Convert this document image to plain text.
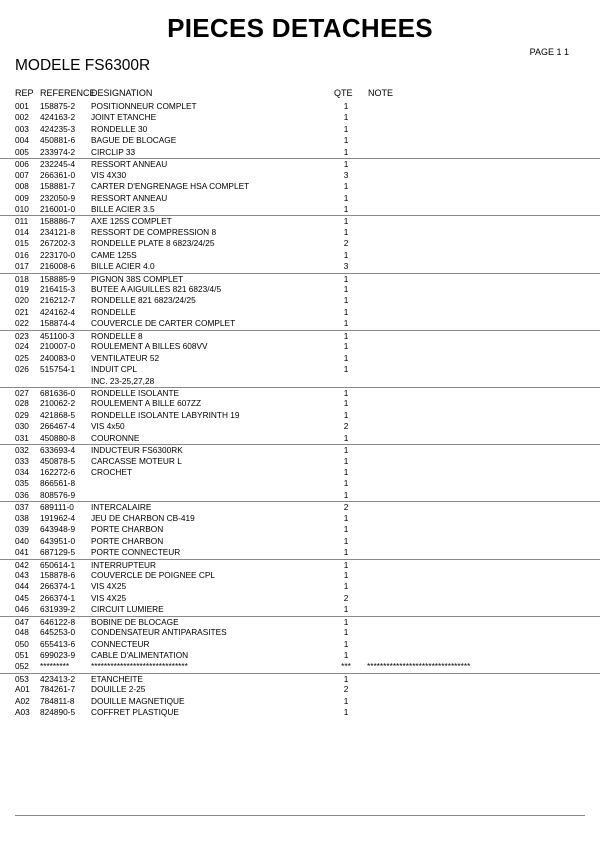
PIECES DETACHEES
PAGE 1 1
MODELE FS6300R
REP REFERENCE
DESIGNATION	QTE NOTE
001 158875-2 POSITIONNEUR COMPLET	1
002 424163-2 JOINT ETANCHE	1
003 424235-3 RONDELLE 30	1
004 450881-6 BAGUE DE BLOCAGE	1
005 233974-2 CIRCLIP 33	1
006 232245-4 RESSORT ANNEAU	1
007 266361-0 VIS 4X30	3
008 158881-7 CARTER D'ENGRENAGE HSA COMPLET	1
009 232050-9 RESSORT ANNEAU	1
010 216001-0 BILLE ACIER 3.5	1
011 158886-7 AXE 125S COMPLET	1
014 234121-8 RESSORT DE COMPRESSION 8	1
015 267202-3 RONDELLE PLATE 8 6823/24/25	2
016 223170-0 CAME 125S	1
017 216008-6 BILLE ACIER 4.0	3
018 158885-9 PIGNON 38S COMPLET	1
019 216415-3 BUTEE A AIGUILLES 821 6823/4/5	1
020 216212-7 RONDELLE 821 6823/24/25	1
021 424162-4 RONDELLE	1
022 158874-4 COUVERCLE DE CARTER COMPLET	1
023 451100-3 RONDELLE 8	1
024 210007-0 ROULEMENT A BILLES 608VV	1
025 240083-0 VENTILATEUR 52	1
026 515754-1 INDUIT CPL	1
INC. 23-25,27,28
027 681636-0 RONDELLE ISOLANTE	1
028 210062-2 ROULEMENT A BILLE 607ZZ	1
029 421868-5 RONDELLE ISOLANTE LABYRINTH 19	1
030 266467-4 VIS 4x50	2
031 450880-8 COURONNE	1
032 633693-4 INDUCTEUR FS6300RK	1
033 450878-5 CARCASSE MOTEUR L	1
034 162272-6 CROCHET	1
035 866561-8	1
036 808576-9	1
037 689111-0 INTERCALAIRE	2
038 191962-4 JEU DE CHARBON CB-419	1
039 643948-9 PORTE CHARBON	1
040 643951-0 PORTE CHARBON	1
041 687129-5 PORTE CONNECTEUR	1
042 650614-1 INTERRUPTEUR	1
043 158878-6 COUVERCLE DE POIGNEE CPL	1
044 266374-1 VIS 4X25	1
045 266374-1 VIS 4X25	2
046 631939-2 CIRCUIT LUMIERE	1
047 646122-8 BOBINE DE BLOCAGE	1
048 645253-0 CONDENSATEUR ANTIPARASITES	1
050 655413-6 CONNECTEUR	1
051 699023-9 CABLE D'ALIMENTATION	1
052 *********	******************************	***	********************************
053 423413-2 ETANCHEITE	1
A01 784261-7 DOUILLE 2-25	2
A02 784811-8 DOUILLE MAGNETIQUE	1
A03 824890-5 COFFRET PLASTIQUE	1
